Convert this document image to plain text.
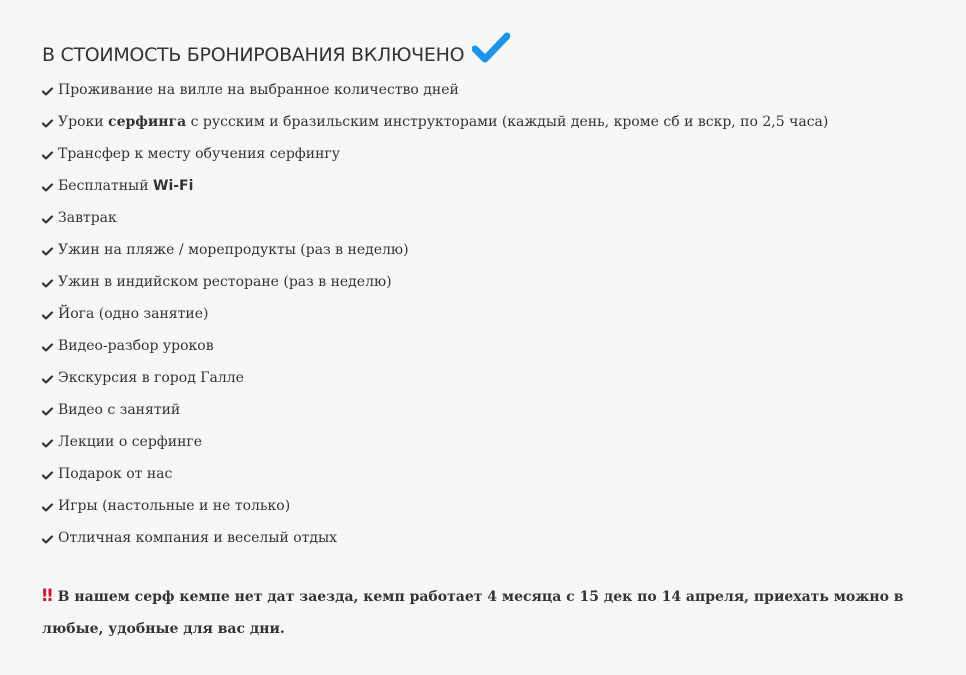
В СТОИМОСТЬ БРОНИРОВАНИЯ ВКЛЮЧЕНО
Проживание на вилле на выбранное количество дней
Уроки серфинга с русским и бразильским инструкторами (каждый день, кроме сб и вскр, по 2,5 часа)
Трансфер к месту обучения серфингу
Бесплатный Wi-Fi
Завтрак
Ужин на пляже / морепродукты (раз в неделю)
Ужин в индийском ресторане (раз в неделю)
Йога (одно занятие)
Видео-разбор уроков
Экскурсия в город Галле
Видео с занятий
Лекции о серфинге
Подарок от нас
Игры (настольные и не только)
Отличная компания и веселый отдых

‼ В нашем серф кемпе нет дат заезда, кемп работает 4 месяца с 15 дек по 14 апреля, приехать можно в любые, удобные для вас дни.
